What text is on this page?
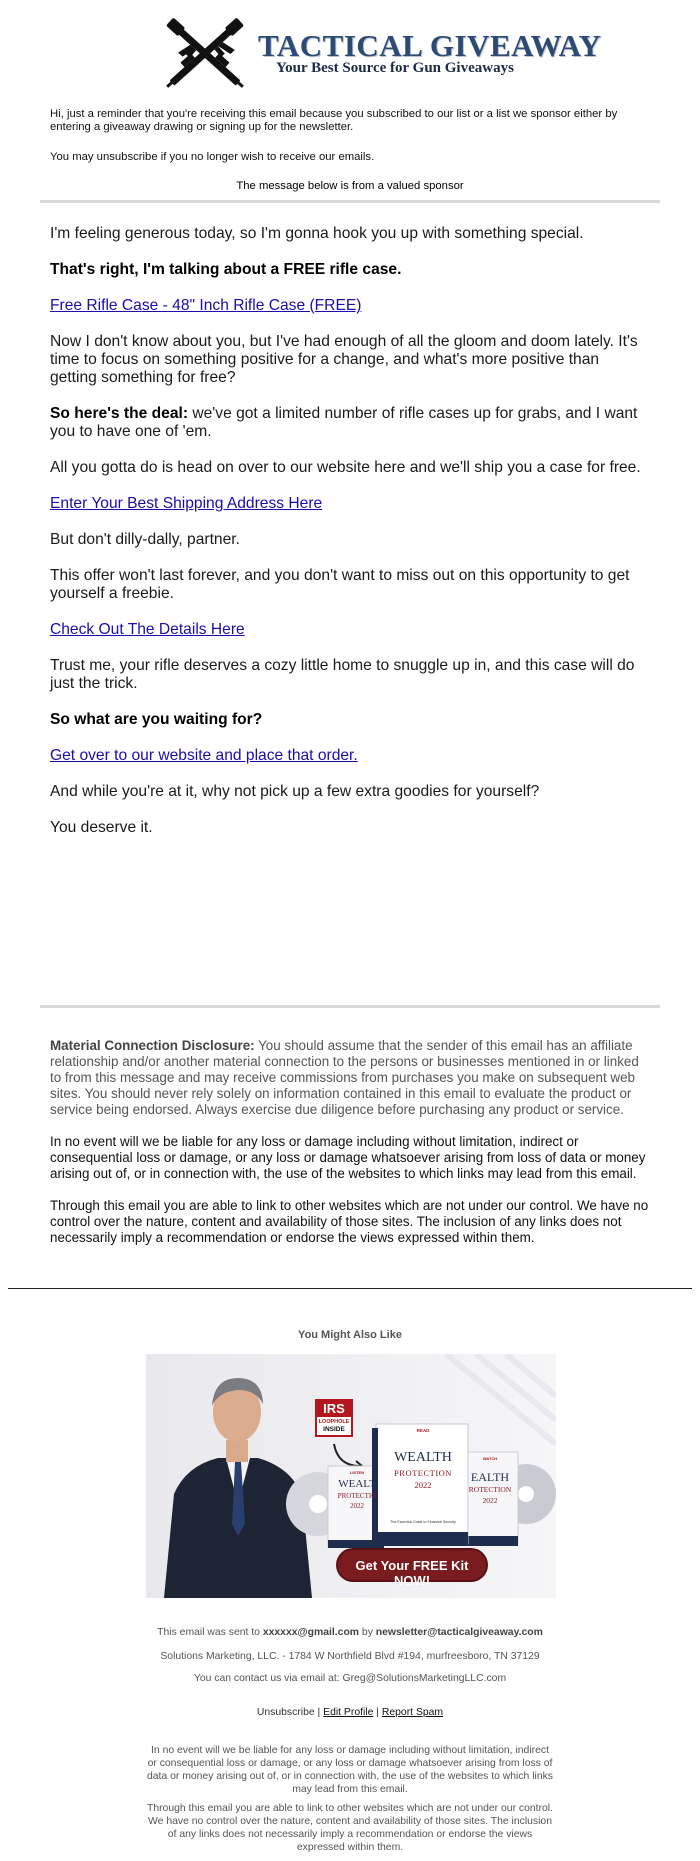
TACTICAL GIVEAWAY
Your Best Source for Gun Giveaways

Hi, just a reminder that you're receiving this email because you subscribed to our list or a list we sponsor either by entering a giveaway drawing or signing up for the newsletter.

You may unsubscribe if you no longer wish to receive our emails.

The message below is from a valued sponsor

I'm feeling generous today, so I'm gonna hook you up with something special.

That's right, I'm talking about a FREE rifle case.

Free Rifle Case - 48" Inch Rifle Case (FREE)

Now I don't know about you, but I've had enough of all the gloom and doom lately. It's time to focus on something positive for a change, and what's more positive than getting something for free?

So here's the deal: we've got a limited number of rifle cases up for grabs, and I want you to have one of 'em.

All you gotta do is head on over to our website here and we'll ship you a case for free.

Enter Your Best Shipping Address Here

But don't dilly-dally, partner.

This offer won't last forever, and you don't want to miss out on this opportunity to get yourself a freebie.

Check Out The Details Here

Trust me, your rifle deserves a cozy little home to snuggle up in, and this case will do just the trick.

So what are you waiting for?

Get over to our website and place that order.

And while you're at it, why not pick up a few extra goodies for yourself?

You deserve it.

Material Connection Disclosure: You should assume that the sender of this email has an affiliate relationship and/or another material connection to the persons or businesses mentioned in or linked to from this message and may receive commissions from purchases you make on subsequent web sites. You should never rely solely on information contained in this email to evaluate the product or service being endorsed. Always exercise due diligence before purchasing any product or service.

In no event will we be liable for any loss or damage including without limitation, indirect or consequential loss or damage, or any loss or damage whatsoever arising from loss of data or money arising out of, or in connection with, the use of the websites to which links may lead from this email.

Through this email you are able to link to other websites which are not under our control. We have no control over the nature, content and availability of those sites. The inclusion of any links does not necessarily imply a recommendation or endorse the views expressed within them.

You Might Also Like
IRS
LOOPHOLE
INSIDE	READ
WEALTH
PROTECTION
2022
The Essential Guide to Financial Security
LISTEN
WEALT
PROTECTIO
2022
WATCH
EALTH
ROTECTION
2022
Get Your FREE Kit NOW!
This email was sent to xxxxxx@gmail.com by newsletter@tacticalgiveaway.com
Solutions Marketing, LLC. - 1784 W Northfield Blvd #194, murfreesboro, TN 37129
You can contact us via email at: Greg@SolutionsMarketingLLC.com
Unsubscribe | Edit Profile | Report Spam
In no event will we be liable for any loss or damage including without limitation, indirect or consequential loss or damage, or any loss or damage whatsoever arising from loss of data or money arising out of, or in connection with, the use of the websites to which links may lead from this email.
Through this email you are able to link to other websites which are not under our control. We have no control over the nature, content and availability of those sites. The inclusion of any links does not necessarily imply a recommendation or endorse the views expressed within them.
